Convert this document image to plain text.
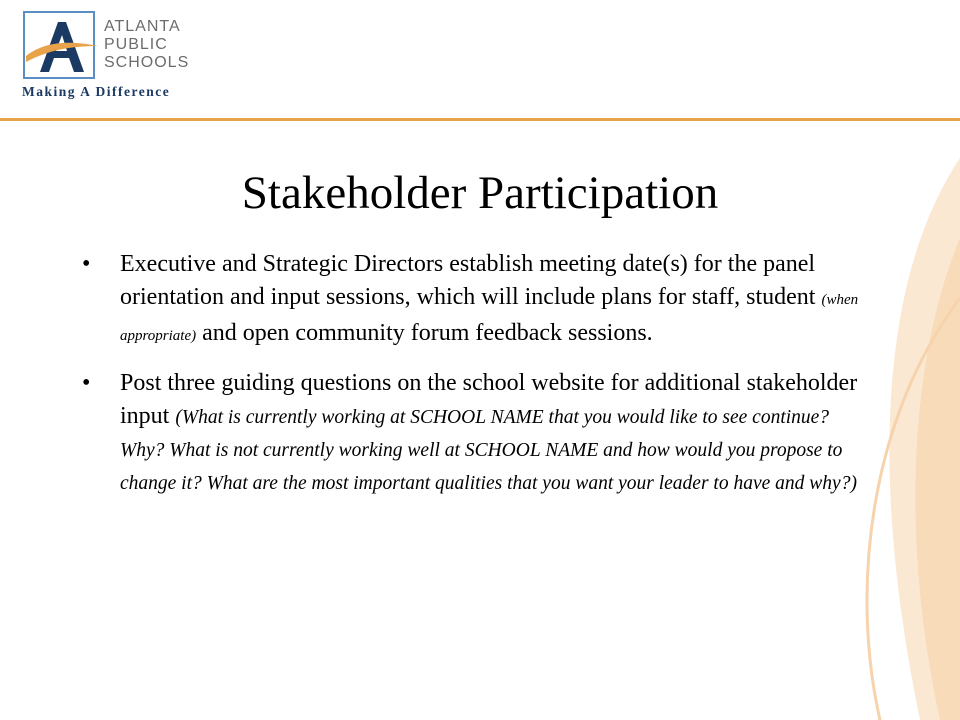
ATLANTA
PUBLIC
SCHOOLS
Making A Difference
Stakeholder Participation
• Executive and Strategic Directors establish meeting date(s) for the panel orientation and input sessions, which will include plans for staff, student (when appropriate) and open community forum feedback sessions.
• Post three guiding questions on the school website for additional stakeholder input (What is currently working at SCHOOL NAME that you would like to see continue? Why? What is not currently working well at SCHOOL NAME and how would you propose to change it? What are the most important qualities that you want your leader to have and why?)
